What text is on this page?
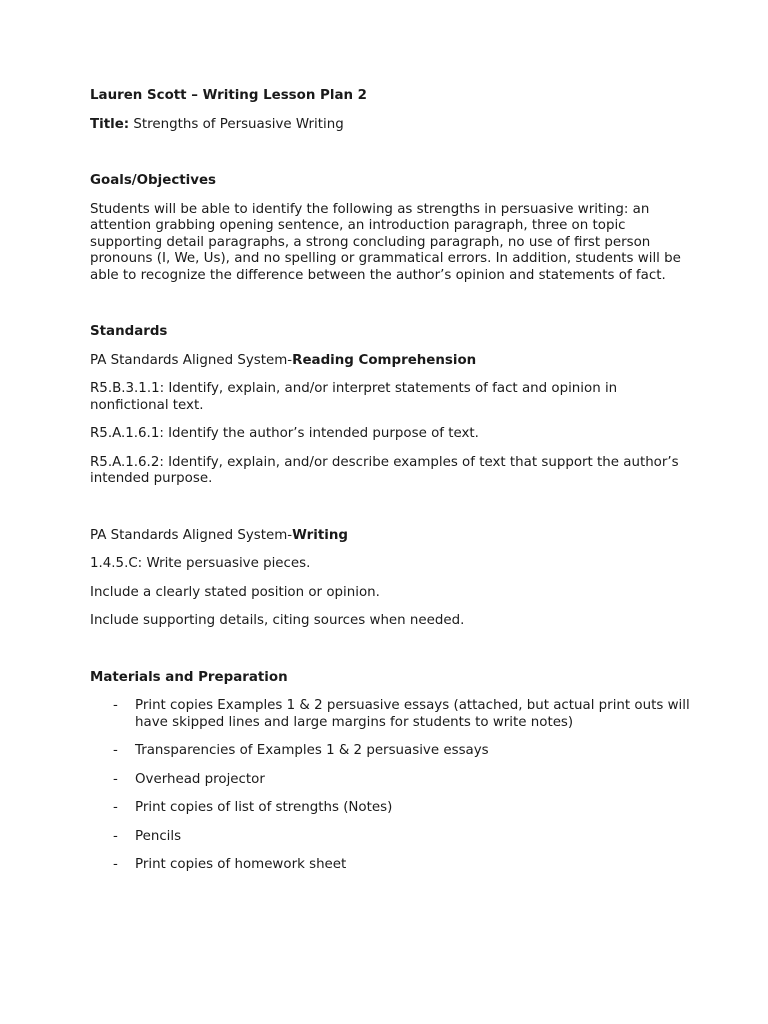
Lauren Scott – Writing Lesson Plan 2

Title: Strengths of Persuasive Writing

Goals/Objectives

Students will be able to identify the following as strengths in persuasive writing: an attention grabbing opening sentence, an introduction paragraph, three on topic supporting detail paragraphs, a strong concluding paragraph, no use of first person pronouns (I, We, Us), and no spelling or grammatical errors. In addition, students will be able to recognize the difference between the author’s opinion and statements of fact.

Standards

PA Standards Aligned System-Reading Comprehension

R5.B.3.1.1: Identify, explain, and/or interpret statements of fact and opinion in nonfictional text.

R5.A.1.6.1: Identify the author’s intended purpose of text.

R5.A.1.6.2: Identify, explain, and/or describe examples of text that support the author’s intended purpose.

PA Standards Aligned System-Writing

1.4.5.C: Write persuasive pieces.

Include a clearly stated position or opinion.

Include supporting details, citing sources when needed.

Materials and Preparation

- Print copies Examples 1 & 2 persuasive essays (attached, but actual print outs will have skipped lines and large margins for students to write notes)
- Transparencies of Examples 1 & 2 persuasive essays
- Overhead projector
- Print copies of list of strengths (Notes)
- Pencils
- Print copies of homework sheet
